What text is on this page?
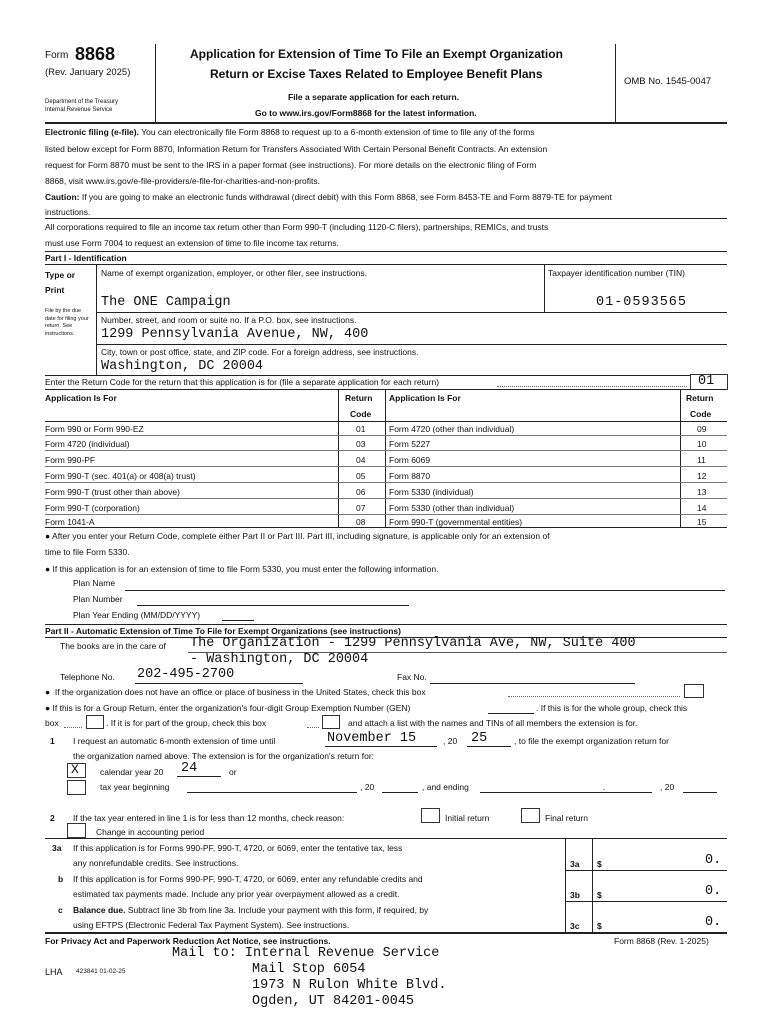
Form 8868
(Rev. January 2025)
Department of the Treasury
Internal Revenue Service
Application for Extension of Time To File an Exempt Organization
Return or Excise Taxes Related to Employee Benefit Plans
File a separate application for each return.
Go to www.irs.gov/Form8868 for the latest information.
OMB No. 1545-0047
Electronic filing (e-file). You can electronically file Form 8868 to request up to a 6-month extension of time to file any of the forms
listed below except for Form 8870, Information Return for Transfers Associated With Certain Personal Benefit Contracts. An extension
request for Form 8870 must be sent to the IRS in a paper format (see instructions). For more details on the electronic filing of Form
8868, visit www.irs.gov/e-file-providers/e-file-for-charities-and-non-profits.
Caution: If you are going to make an electronic funds withdrawal (direct debit) with this Form 8868, see Form 8453-TE and Form 8879-TE for payment
instructions.
All corporations required to file an income tax return other than Form 990-T (including 1120-C filers), partnerships, REMICs, and trusts
must use Form 7004 to request an extension of time to file income tax returns.
Part I - Identification
Type or
Print
File by the due date for filing your return. See instructions.
Name of exempt organization, employer, or other filer, see instructions.	Taxpayer identification number (TIN)
The ONE Campaign	01-0593565
Number, street, and room or suite no. If a P.O. box, see instructions.
1299 Pennsylvania Avenue, NW, 400
City, town or post office, state, and ZIP code. For a foreign address, see instructions.
Washington, DC 20004
Enter the Return Code for the return that this application is for (file a separate application for each return)	01
Application Is For	Return
Code
Application Is For	Return
Code
Form 990 or Form 990-EZ	01	Form 4720 (other than individual)	09
Form 4720 (individual)	03	Form 5227	10
Form 990-PF	04	Form 6069	11
Form 990-T (sec. 401(a) or 408(a) trust)	05	Form 8870	12
Form 990-T (trust other than above)	06	Form 5330 (individual)	13
Form 990-T (corporation)	07	Form 5330 (other than individual)	14
Form 1041-A	08	Form 990-T (governmental entities)	15
● After you enter your Return Code, complete either Part II or Part III. Part III, including signature, is applicable only for an extension of
time to file Form 5330.
● If this application is for an extension of time to file Form 5330, you must enter the following information.
Plan Name
Plan Number
Plan Year Ending (MM/DD/YYYY)
Part II - Automatic Extension of Time To File for Exempt Organizations (see instructions)
The books are in the care of The Organization - 1299 Pennsylvania Ave, NW, Suite 400
- Washington, DC 20004
Telephone No. 202-495-2700	Fax No.
●  If the organization does not have an office or place of business in the United States, check this box
● If this is for a Group Return, enter the organization's four-digit Group Exemption Number (GEN)	. If this is for the whole group, check this
box	. If it is for part of the group, check this box	and attach a list with the names and TINs of all members the extension is for.
1 I request an automatic 6-month extension of time until	November 15	, 20 25	, to file the exempt organization return for
the organization named above. The extension is for the organization's return for:
X calendar year 20 24	or
tax year beginning	, 20	, and ending	.	, 20
2 If the tax year entered in line 1 is for less than 12 months, check reason:	Initial return	Final return
Change in accounting period
3a If this application is for Forms 990-PF, 990-T, 4720, or 6069, enter the tentative tax, less
any nonrefundable credits. See instructions.	3a $	0.
b If this application is for Forms 990-PF, 990-T, 4720, or 6069, enter any refundable credits and
estimated tax payments made. Include any prior year overpayment allowed as a credit.	3b $	0.
c Balance due. Subtract line 3b from line 3a. Include your payment with this form, if required, by
using EFTPS (Electronic Federal Tax Payment System). See instructions.	3c $	0.
For Privacy Act and Paperwork Reduction Act Notice, see instructions.	Form 8868 (Rev. 1-2025)
LHA 423841 01-02-25
Mail to: Internal Revenue Service
Mail Stop 6054
1973 N Rulon White Blvd.
Ogden, UT 84201-0045
